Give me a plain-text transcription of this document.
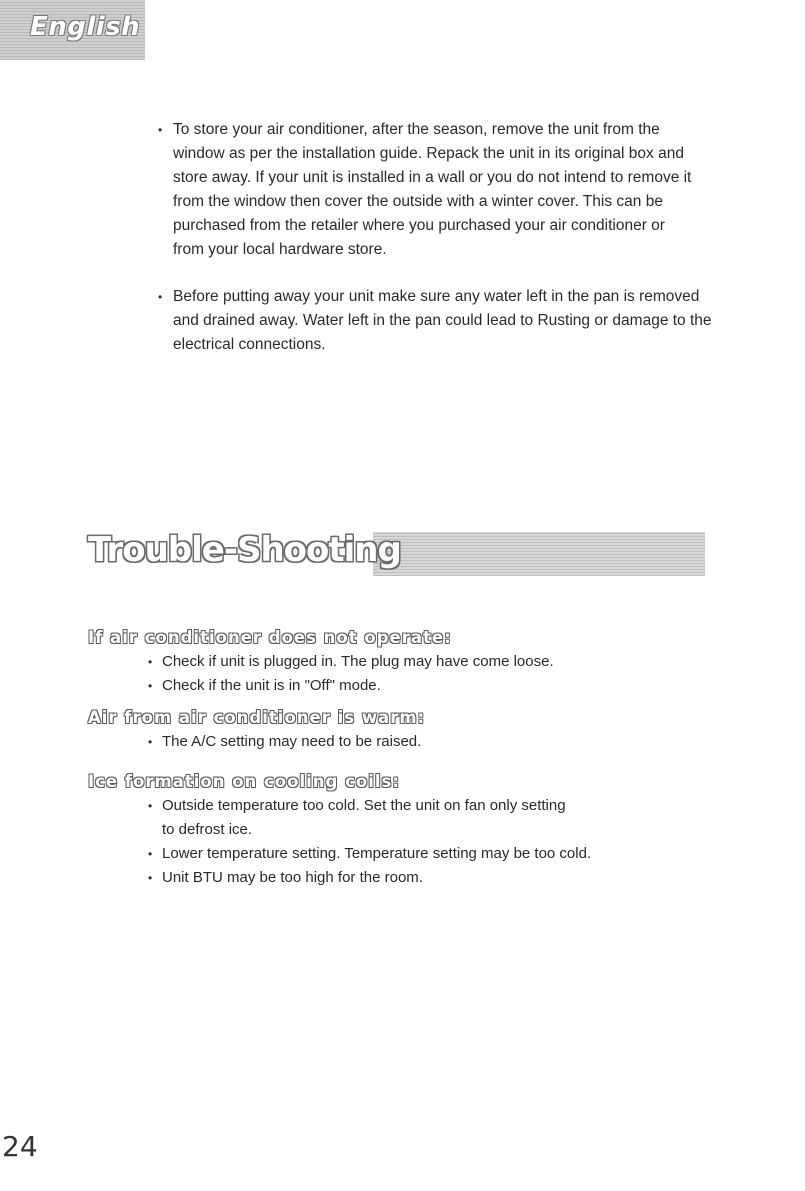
English

• To store your air conditioner, after the season, remove the unit from the window as per the installation guide. Repack the unit in its original box and store away. If your unit is installed in a wall or you do not intend to remove it from the window then cover the outside with a winter cover. This can be purchased from the retailer where you purchased your air conditioner or from your local hardware store.

• Before putting away your unit make sure any water left in the pan is removed and drained away. Water left in the pan could lead to Rusting or damage to the electrical connections.

Trouble-Shooting
If air conditioner does not operate:
• Check if unit is plugged in. The plug may have come loose.
• Check if the unit is in "Off" mode.
Air from air conditioner is warm:
• The A/C setting may need to be raised.
Ice formation on cooling coils:
• Outside temperature too cold. Set the unit on fan only setting to defrost ice.
• Lower temperature setting. Temperature setting may be too cold.
• Unit BTU may be too high for the room.
24
